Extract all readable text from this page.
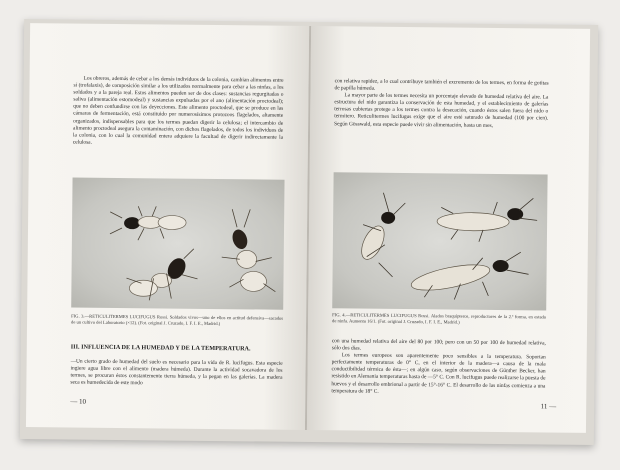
Los obreros, además de cebar a los demás individuos de la colonia, cambian alimentos entre sí (trofalaxis), de composición similar a los utilizados normalmente para cebar a las ninfas, a los soldados y a la pareja real. Estos alimentos pueden ser de dos clases: sustancias regurgitadas o saliva (alimentación estomodeal) y sustancias expulsadas por el ano (alimentación proctodeal); que no deben confundirse con las deyecciones. Este alimento proctodeal, que se produce en las cámaras de fermentación, está constituido por numerosísimos protozoos flagelados, altamente organizados, indispensables para que los termes puedan digerir la celulosa; el intercambio de alimento proctodeal asegura la contaminación, con dichos flagelados, de todos los individuos de la colonia, con lo cual la comunidad entera adquiere la facultad de digerir indirectamente la celulosa.

FIG. 3.—RETICULITERMES LUCIFUGUS Rossi. Soldados vivos—uno de ellos en actitud defensiva—sacados de un cultivo del Laboratorio (×12). (Fot. original J. Cruzado, I. F. I. E., Madrid.)
III. INFLUENCIA DE LA HUMEDAD Y DE LA TEMPERATURA.

—Un cierto grado de humedad del suelo es necesario para la vida de R. lucifugus. Esta especie ingiere agua libre con el alimento (madera húmeda). Durante la actividad socavadora de los termes, se procuran éstos constantemente tierra húmeda, y la pegan en las galerías. La madera seca es humedecida de este modo

— 10

con relativa rapidez, a lo cual contribuye también el excremento de los termes, en forma de gotitas de papilla húmeda.

La mayor parte de los termes necesita un porcentaje elevado de humedad relativa del aire. La estructura del nido garantiza la conservación de esta humedad, y el establecimiento de galerías terrosas cubiertas protege a los termes contra la desecación, cuando éstos salen fuera del nido o termitero. Reticulitermes lucifugus exige que el aire esté saturado de humedad (100 por cien). Según Gösswald, esta especie puede vivir sin alimentación, hasta un mes,

FIG. 4.—RETICULITERMES LUCIFUGUS Rossi. Alados braquípteros, reproductores de la 2.ª forma, en estado de ninfa. Aumento 16/1. (Fot. original J. Cruzado, I. F. I. E., Madrid.)

con una humedad relativa del aire del 80 por 100; pero con un 50 por 100 de humedad relativa, sólo dos días.

Los termes europeos son aparentemente poco sensibles a la temperatura. Soportan perfectamente temperaturas de 0° C, en el interior de la madera—a causa de la mala conductibilidad térmica de ésta—; en algún caso, según observaciones de Günther Becker, han resistido en Alemania temperaturas hasta de —5° C. Con R. lucifugus puede realizarse la puesta de huevos y el desarrollo embrional a partir de 15°-16° C. El desarrollo de las ninfas comienza a una temperatura de 18° C.

11 —
